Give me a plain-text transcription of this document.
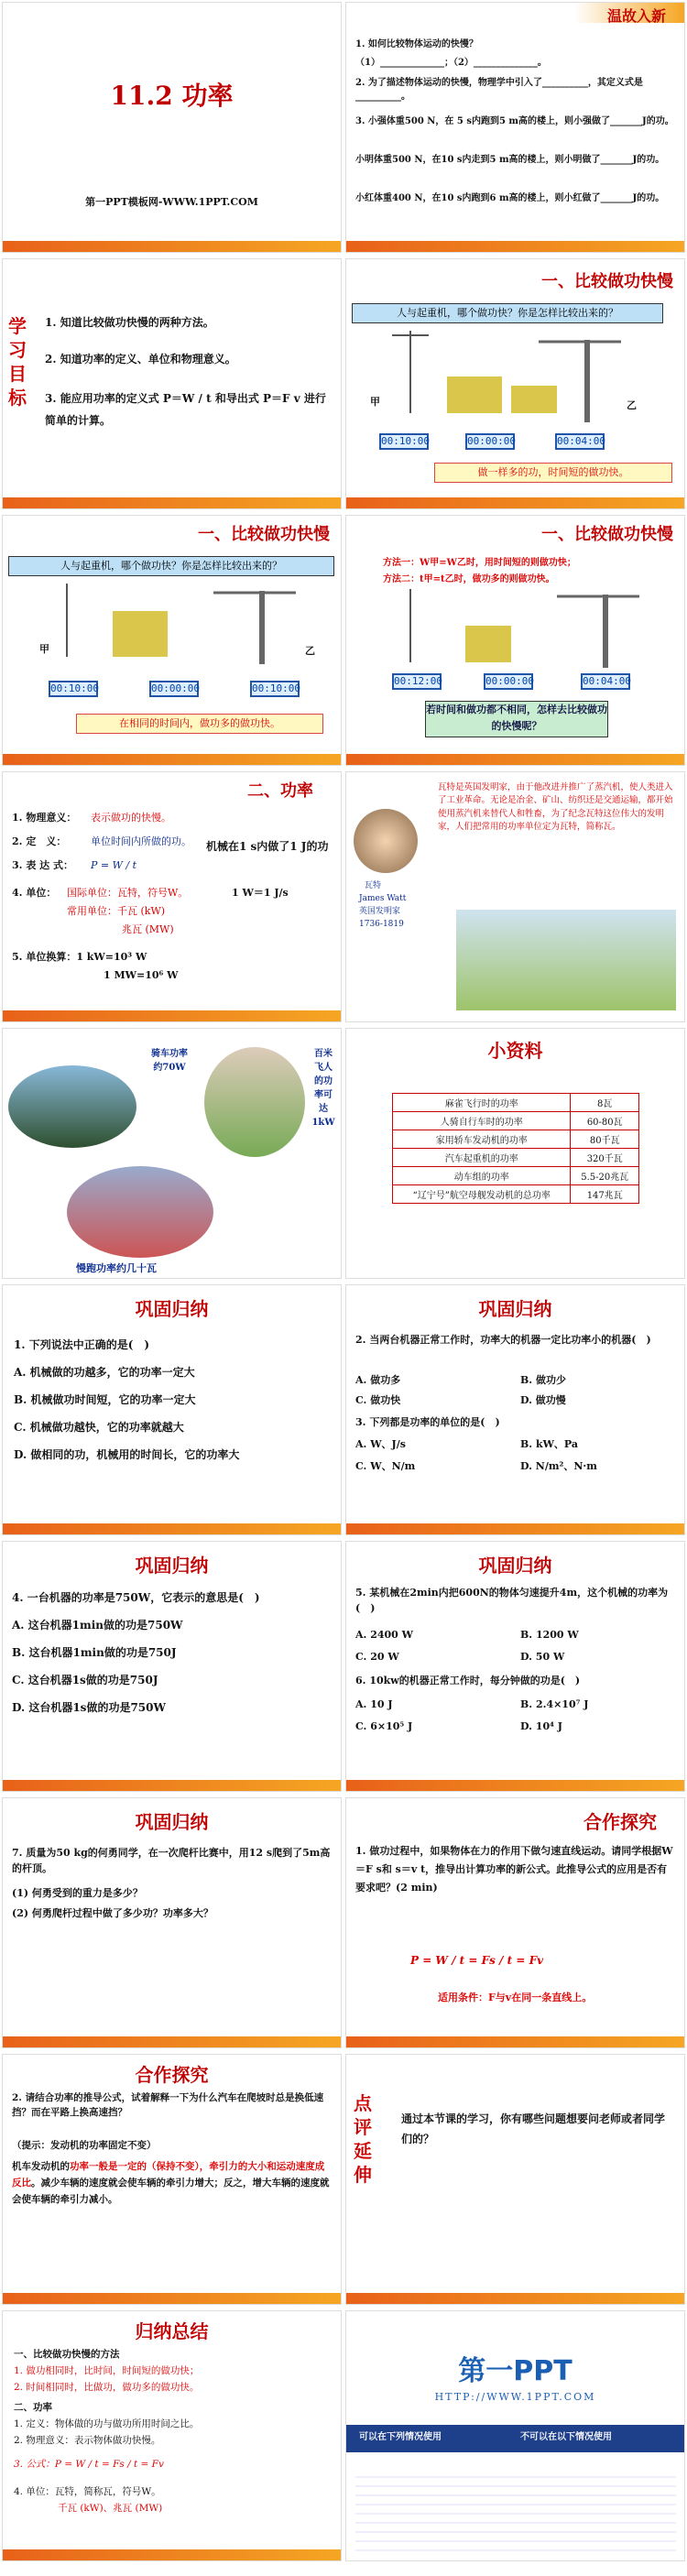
11.2 功率
第一PPT模板网-WWW.1PPT.COM
温故入新
1. 如何比较物体运动的快慢？
（1）______________；（2）______________。
2. 为了描述物体运动的快慢，物理学中引入了__________，其定义式是__________。
3. 小强体重500 N，在 5 s内跑到5 m高的楼上，则小强做了_______J的功。
小明体重500 N，在10 s内走到5 m高的楼上，则小明做了_______J的功。
小红体重400 N，在10 s内跑到6 m高的楼上，则小红做了_______J的功。
学习目标
1. 知道比较做功快慢的两种方法。
2. 知道功率的定义、单位和物理意义。
3. 能应用功率的定义式 P＝W / t 和导出式 P＝F v 进行简单的计算。
一、比较做功快慢
人与起重机，哪个做功快？你是怎样比较出来的？
甲	乙
00:10:00	00:00:00	00:04:00
做一样多的功，时间短的做功快。
一、比较做功快慢
人与起重机，哪个做功快？你是怎样比较出来的？
甲	乙
00:10:00	00:00:00	00:10:00
在相同的时间内，做功多的做功快。
一、比较做功快慢
方法一：W甲=W乙时，用时间短的则做功快；
方法二：t甲=t乙时，做功多的则做功快。
00:12:00	00:00:00	00:04:00
若时间和做功都不相同，怎样去比较做功的快慢呢？
二、功率
1. 物理意义： 表示做功的快慢。
2. 定　义： 单位时间内所做的功。
3. 表 达 式： P = W / t
机械在1 s内做了1 J的功
4. 单位： 国际单位：瓦特，符号W。	1 W＝1 J/s
常用单位：千瓦 (kW)
兆瓦 (MW)
5. 单位换算：1 kW=10³ W
1 MW=10⁶ W
瓦特是英国发明家，由于他改进并推广了蒸汽机，使人类进入了工业革命。无论是冶金、矿山、纺织还是交通运输，都开始使用蒸汽机来替代人和牲畜，为了纪念瓦特这位伟大的发明家，人们把常用的功率单位定为瓦特，简称瓦。
瓦特
James Watt
英国发明家
1736-1819
骑车功率约70W
百米飞人的功率可达1kW
慢跑功率约几十瓦
小资料
麻雀飞行时的功率	8瓦
人骑自行车时的功率	60-80瓦
家用轿车发动机的功率	80千瓦
汽车起重机的功率	320千瓦
动车组的功率	5.5-20兆瓦
“辽宁号”航空母舰发动机的总功率	147兆瓦
巩固归纳
1. 下列说法中正确的是(　)
A. 机械做的功越多，它的功率一定大
B. 机械做功时间短，它的功率一定大
C. 机械做功越快，它的功率就越大
D. 做相同的功，机械用的时间长，它的功率大
巩固归纳
2. 当两台机器正常工作时，功率大的机器一定比功率小的机器(　)
A. 做功多	B. 做功少
C. 做功快	D. 做功慢
3. 下列都是功率的单位的是(　)
A. W、J/s	B. kW、Pa
C. W、N/m	D. N/m²、N·m
巩固归纳
4. 一台机器的功率是750W，它表示的意思是(　)
A. 这台机器1min做的功是750W
B. 这台机器1min做的功是750J
C. 这台机器1s做的功是750J
D. 这台机器1s做的功是750W
巩固归纳
5. 某机械在2min内把600N的物体匀速提升4m，这个机械的功率为(　)
A. 2400 W	B. 1200 W
C. 20 W	D. 50 W
6. 10kw的机器正常工作时，每分钟做的功是(　)
A. 10 J	B. 2.4×10⁷ J
C. 6×10⁵ J	D. 10⁴ J
巩固归纳
7. 质量为50 kg的何勇同学，在一次爬杆比赛中，用12 s爬到了5m高的杆顶。
(1) 何勇受到的重力是多少？
(2) 何勇爬杆过程中做了多少功？功率多大？
合作探究
1. 做功过程中，如果物体在力的作用下做匀速直线运动。请同学根据W＝F s和 s＝v t，推导出计算功率的新公式。此推导公式的应用是否有要求吧？(2 min)
P = W / t = Fs / t = Fv
适用条件：F与v在同一条直线上。
合作探究
2. 请结合功率的推导公式，试着解释一下为什么汽车在爬坡时总是换低速挡？而在平路上换高速挡？
（提示：发动机的功率固定不变）
机车发动机的功率一般是一定的（保持不变），牵引力的大小和运动速度成反比。减少车辆的速度就会使车辆的牵引力增大；反之，增大车辆的速度就会使车辆的牵引力减小。
点评延伸
通过本节课的学习，你有哪些问题想要问老师或者同学们的？
归纳总结
一、比较做功快慢的方法
1. 做功相同时，比时间，时间短的做功快；
2. 时间相同时，比做功，做功多的做功快。
二、功率
1. 定义：物体做的功与做功所用时间之比。
2. 物理意义：表示物体做功快慢。
3. 公式：P = W / t = Fs / t = Fv
4. 单位：瓦特，简称瓦，符号W。
千瓦 (kW)、兆瓦 (MW)
第一PPT
HTTP://WWW.1PPT.COM
可以在下列情况使用	不可以在以下情况使用
